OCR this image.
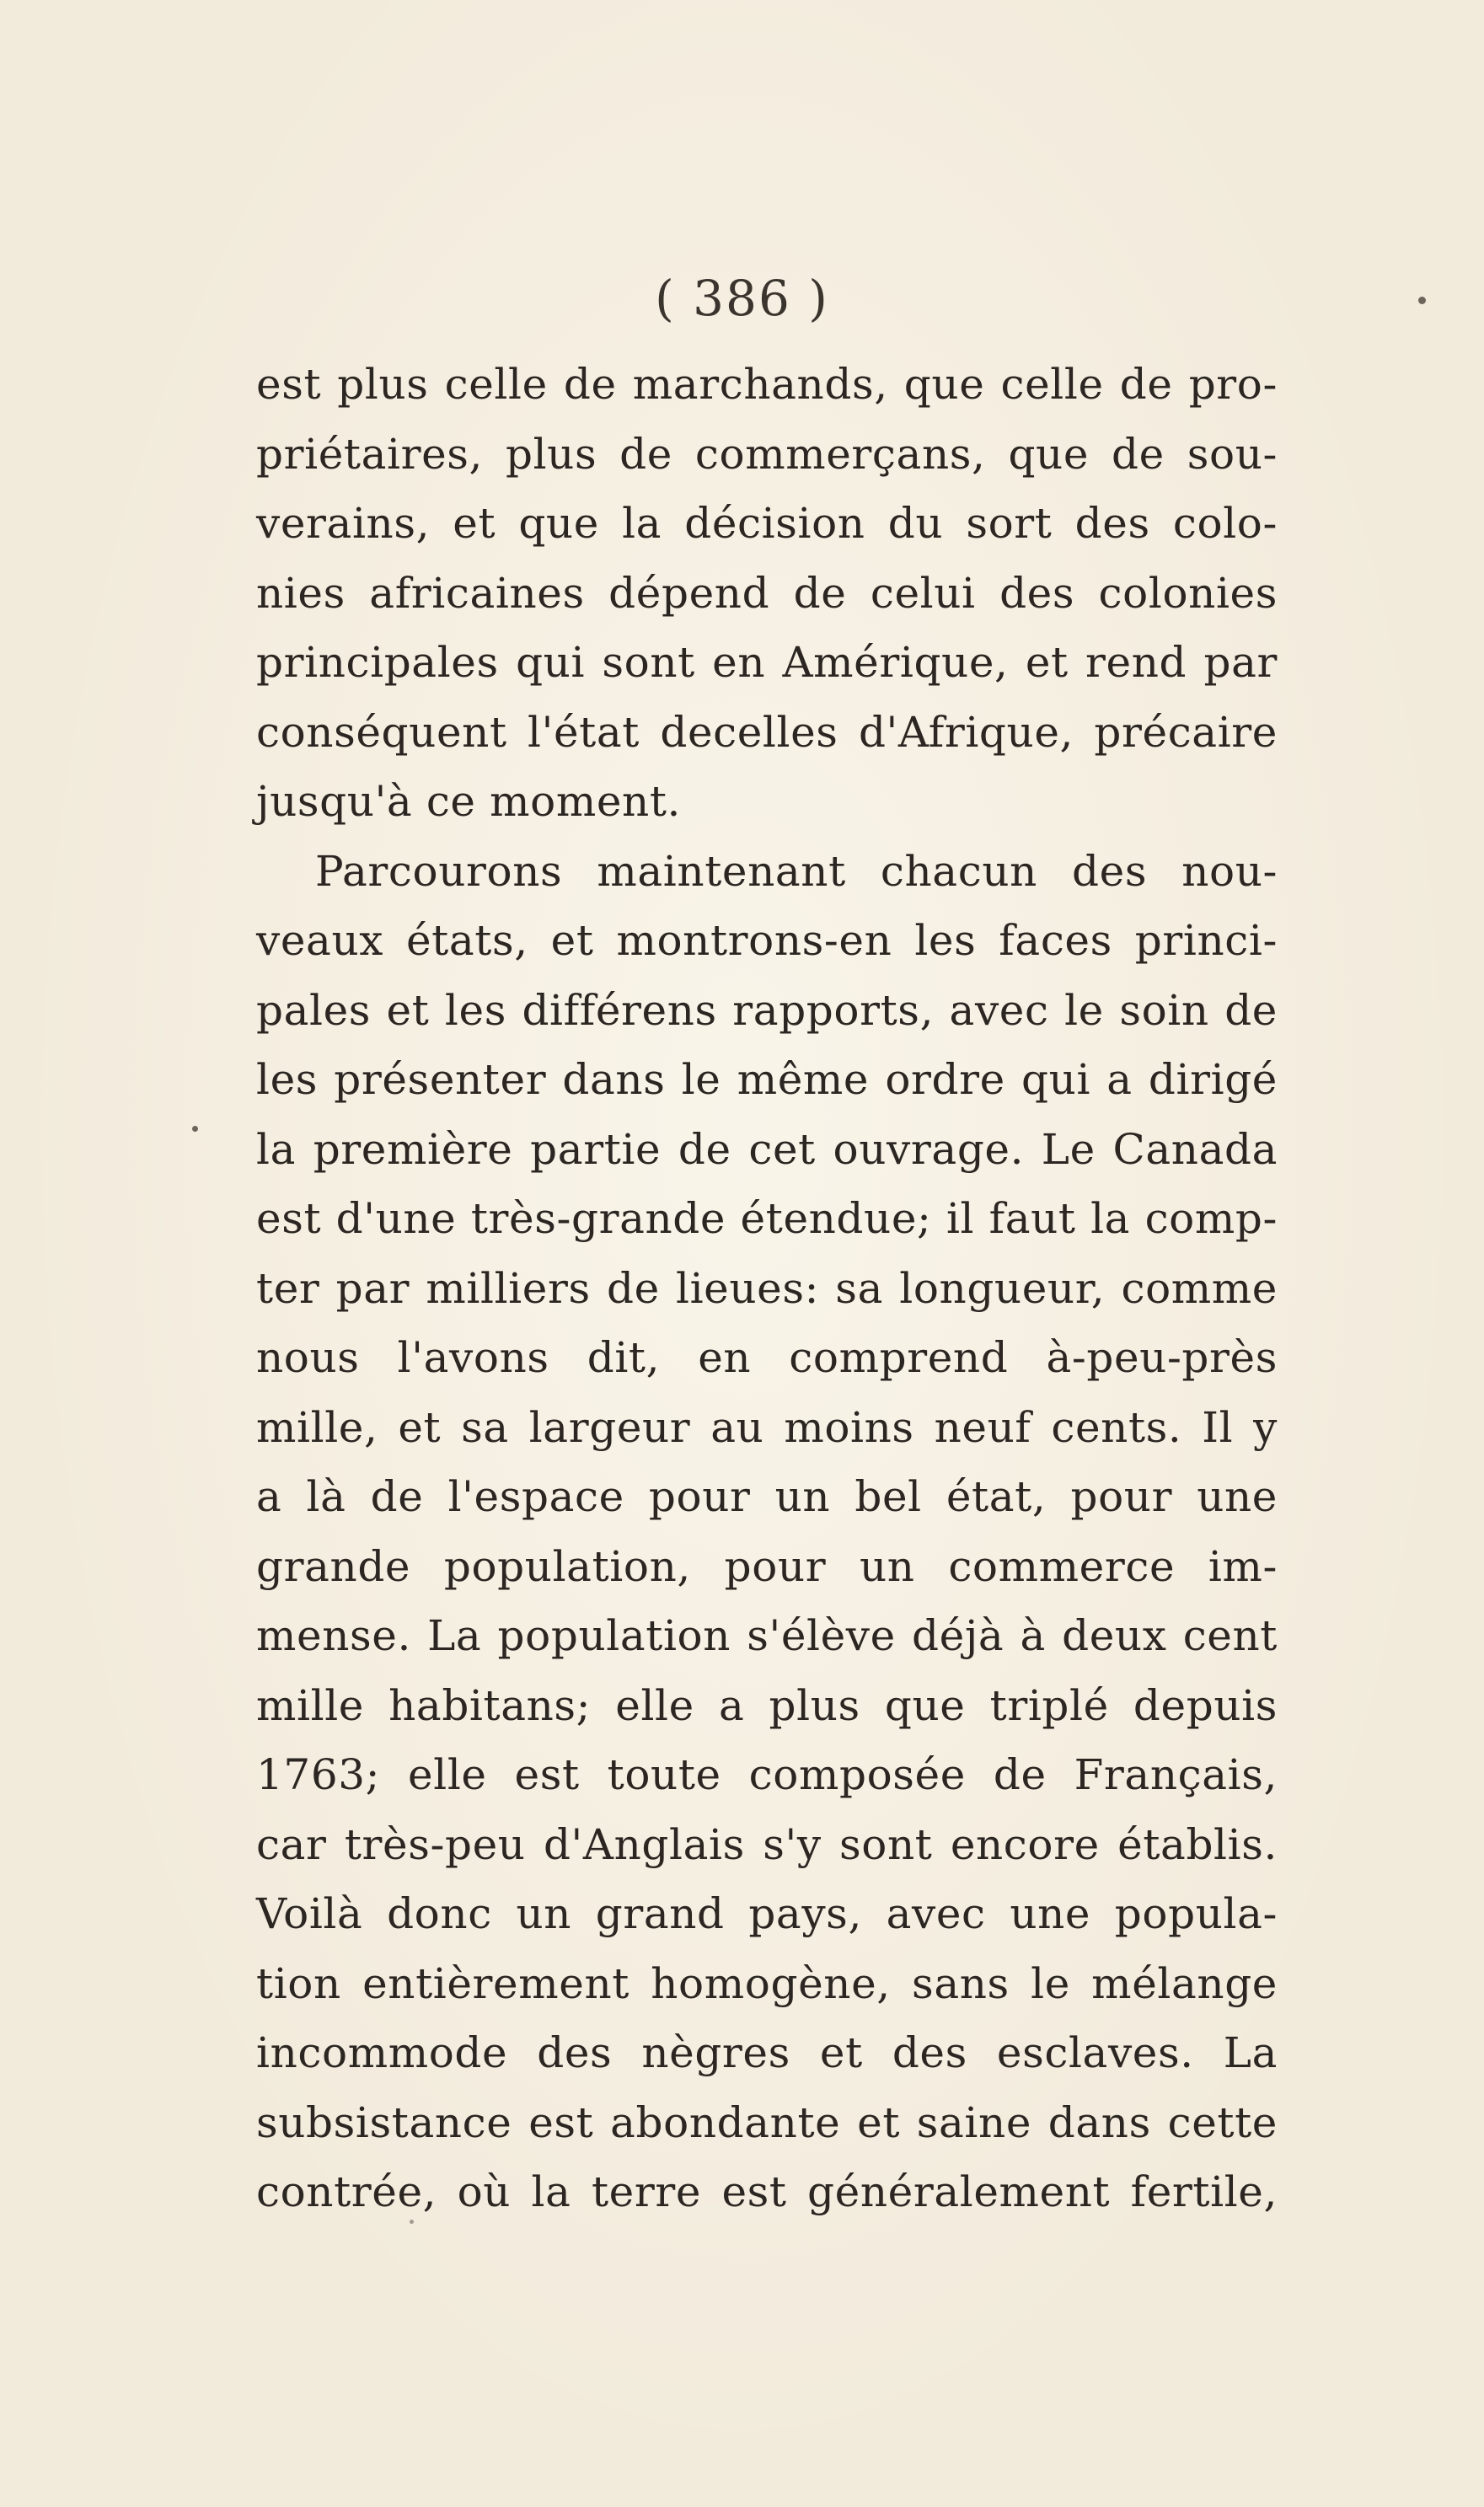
( 386 )
est plus celle de marchands, que celle de pro-
priétaires, plus de commerçans, que de sou-
verains, et que la décision du sort des colo-
nies africaines dépend de celui des colonies
principales qui sont en Amérique, et rend par
conséquent l'état decelles d'Afrique, précaire
jusqu'à ce moment.
Parcourons maintenant chacun des nou-
veaux états, et montrons-en les faces princi-
pales et les différens rapports, avec le soin de
les présenter dans le même ordre qui a dirigé
la première partie de cet ouvrage. Le Canada
est d'une très-grande étendue; il faut la comp-
ter par milliers de lieues: sa longueur, comme
nous l'avons dit, en comprend à-peu-près
mille, et sa largeur au moins neuf cents. Il y
a là de l'espace pour un bel état, pour une
grande population, pour un commerce im-
mense. La population s'élève déjà à deux cent
mille habitans; elle a plus que triplé depuis
1763; elle est toute composée de Français,
car très-peu d'Anglais s'y sont encore établis.
Voilà donc un grand pays, avec une popula-
tion entièrement homogène, sans le mélange
incommode des nègres et des esclaves. La
subsistance est abondante et saine dans cette
contrée, où la terre est généralement fertile,
